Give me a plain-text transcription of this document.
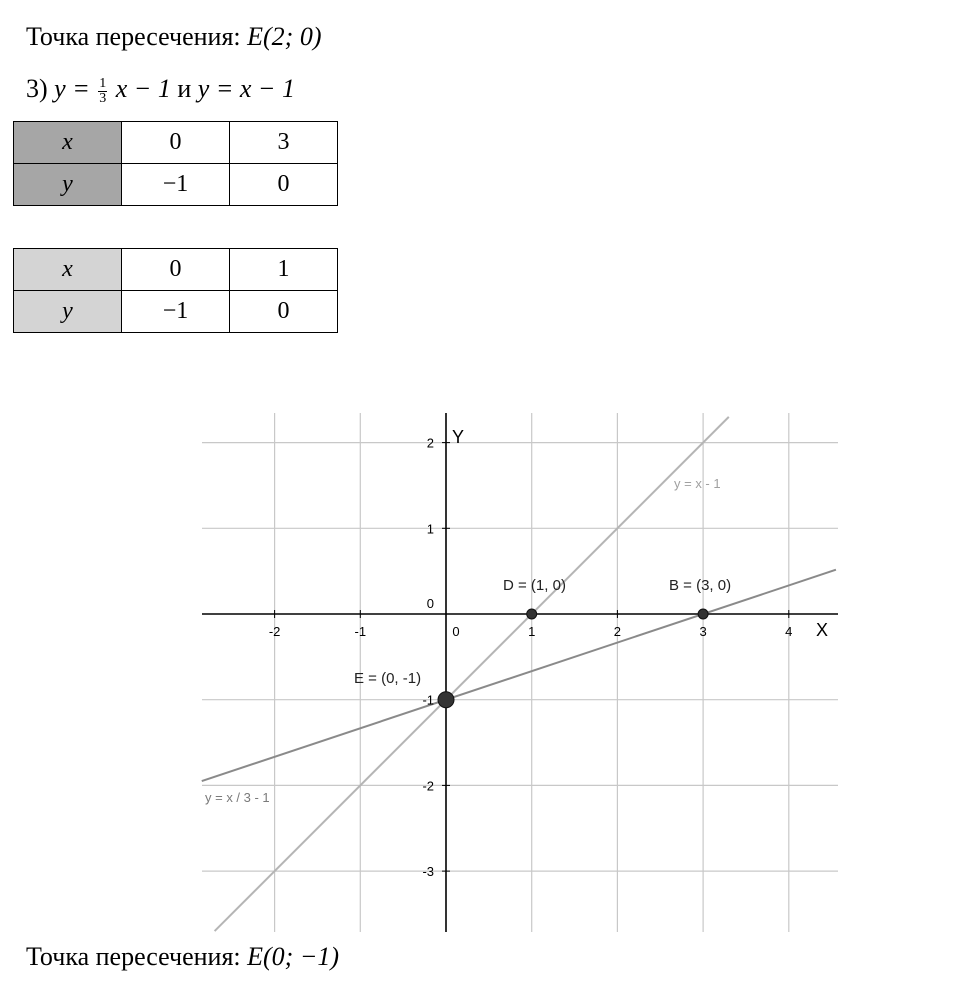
Точка пересечения: E(2; 0)
3) $y = \frac{1}{3}$ x − 1 и y = x − 1
x	0	3
y	−1	0
x	0	1
y	−1	0
X
Y
-2	-1	0	1	2	3	4
2
1
0
-1
-2
-3
y = x - 1
y = x / 3 - 1
D = (1, 0)	B = (3, 0)
E = (0, -1)
Точка пересечения: E(0; −1)
